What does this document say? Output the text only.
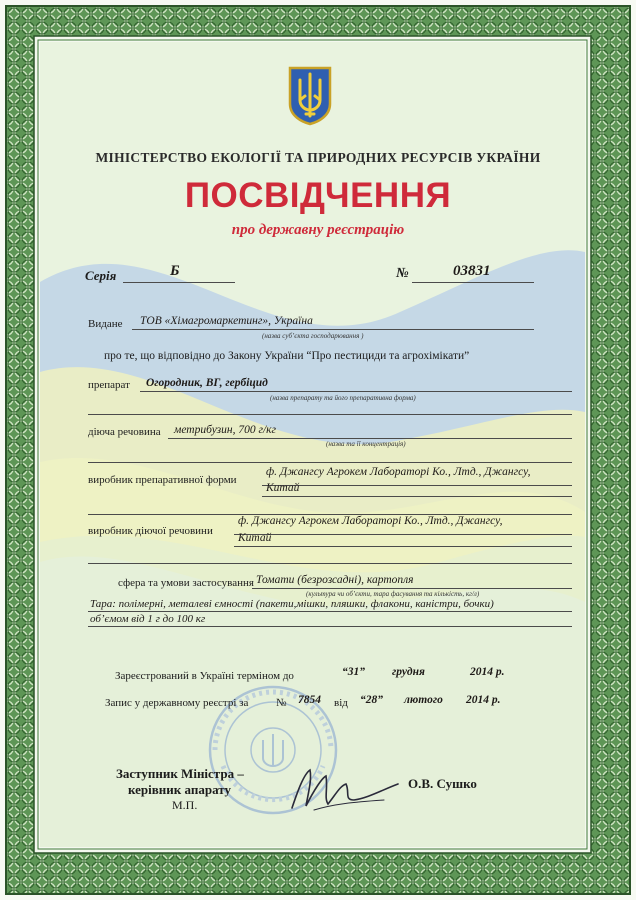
МІНІСТЕРСТВО ЕКОЛОГІЇ ТА ПРИРОДНИХ РЕСУРСІВ УКРАЇНИ
ПОСВІДЧЕННЯ
про державну реєстрацію
Серія	Б	№	03831
Видане ТОВ «Хімагромаркетинг», Україна
(назва суб’єкта господарювання )
про те, що відповідно до Закону України “Про пестициди та агрохімікати”
препарат Огородник, ВГ, гербіцид
(назва препарату та його препаративна форма)
діюча речовина метрибузин, 700 г/кг
(назва та її концентрація)
виробник препаративної форми
ф. Джангсу Агрокем Лабораторі Ко., Лтд., Джангсу,
Китай
виробник діючої речовини
ф. Джангсу Агрокем Лабораторі Ко., Лтд., Джангсу,
Китай
сфера та умови застосування Томати (безрозсадні), картопля
(культура чи об’єкти, тара фасування та кількість, кг/л)
Тара: полімерні, металеві ємності (пакети,мішки, пляшки, флакони, каністри, бочки)
об’ємом від 1 г до 100 кг
Зареєстрований в Україні терміном до	“31” грудня	2014 р.
Запис у державному реєстрі за	№ 7854 від “28” лютого 2014 р.
Заступник Міністра –
керівник апарату
М.П.
О.В. Сушко
